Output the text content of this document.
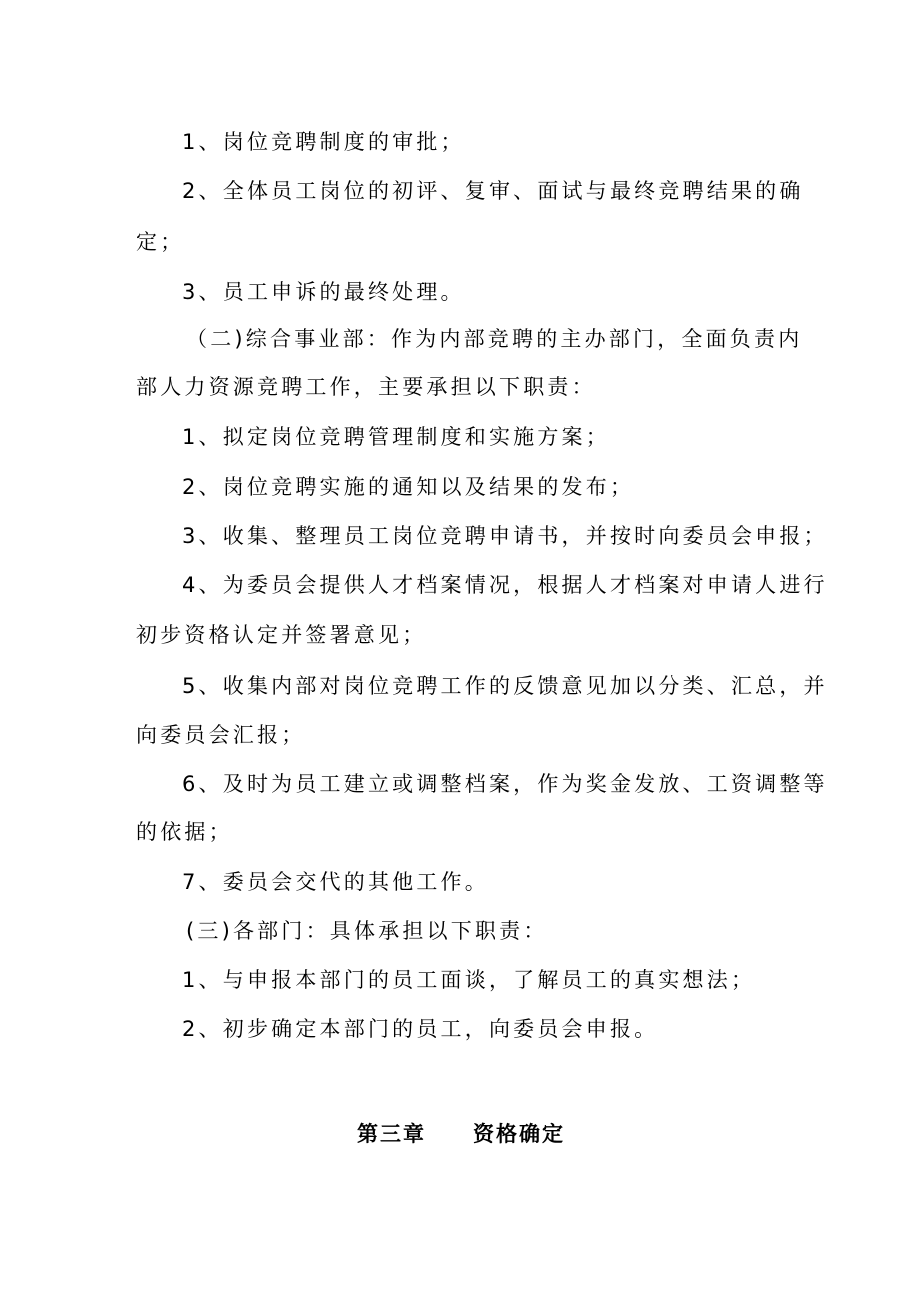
1、岗位竞聘制度的审批；
2、全体员工岗位的初评、复审、面试与最终竞聘结果的确
定；
3、员工申诉的最终处理。
（二)综合事业部：作为内部竞聘的主办部门，全面负责内
部人力资源竞聘工作，主要承担以下职责：
1、拟定岗位竞聘管理制度和实施方案；
2、岗位竞聘实施的通知以及结果的发布；
3、收集、整理员工岗位竞聘申请书，并按时向委员会申报；
4、为委员会提供人才档案情况，根据人才档案对申请人进行
初步资格认定并签署意见；
5、收集内部对岗位竞聘工作的反馈意见加以分类、汇总，并
向委员会汇报；
6、及时为员工建立或调整档案，作为奖金发放、工资调整等
的依据；
7、委员会交代的其他工作。
(三)各部门：具体承担以下职责：
1、与申报本部门的员工面谈，了解员工的真实想法；
2、初步确定本部门的员工，向委员会申报。
第三章 资格确定
